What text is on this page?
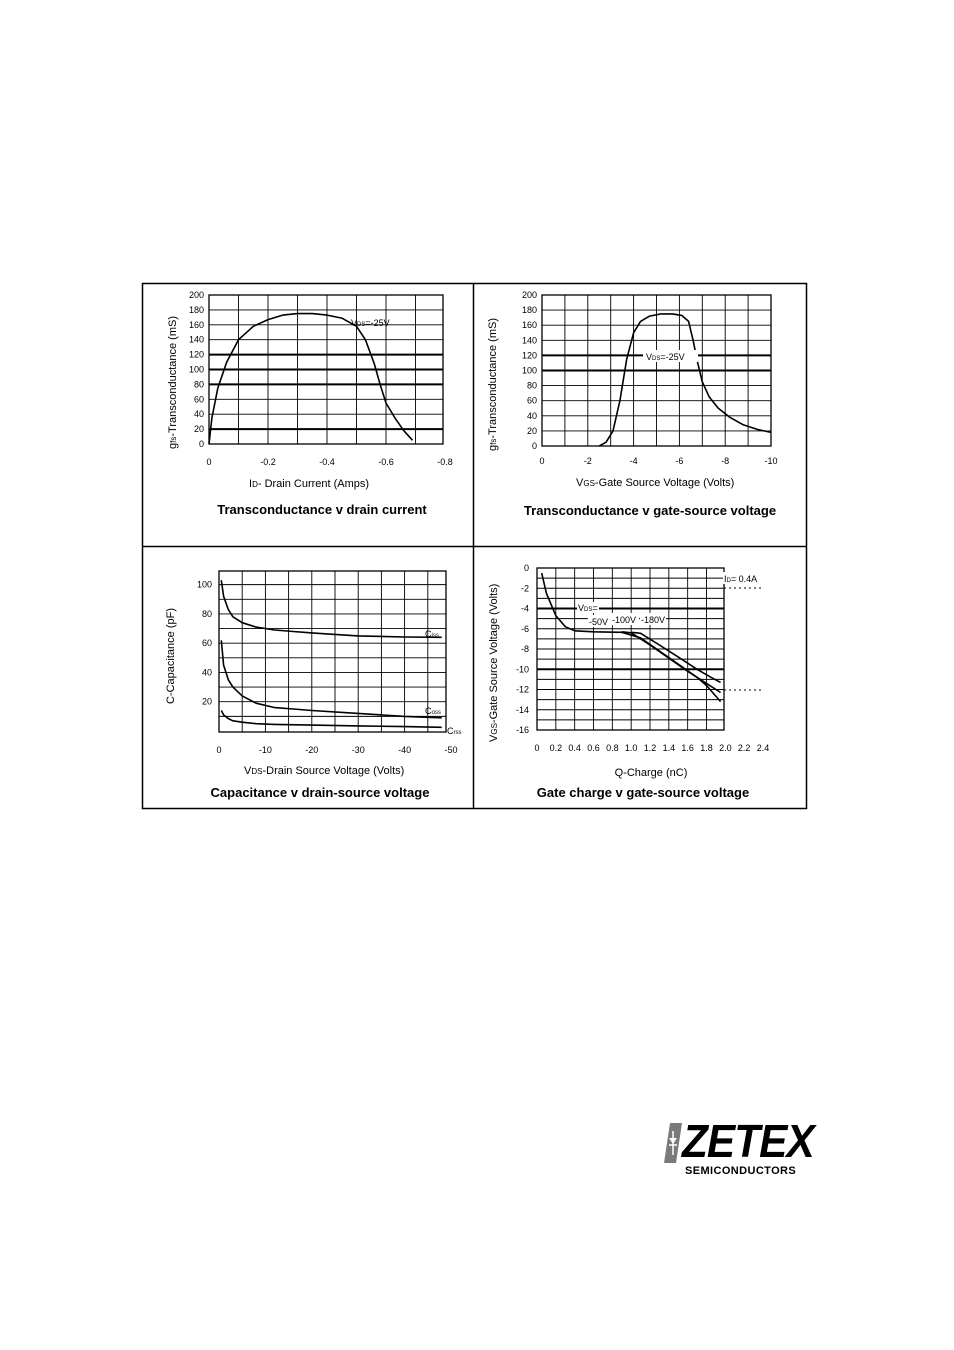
0	-0.2	-0.4	-0.6	-0.8
0
20
40
60
80
100
120
140
160
180
200
VDS=-25V
ID- Drain Current (Amps)
gfs-Transconductance (mS)
Transconductance v drain current
0	-2	-4	-6	-8	-10
0
20
40
60
80
100
120
140
160
180
200
VDS=-25V
VGS-Gate Source Voltage (Volts)
gfs-Transconductance (mS)
Transconductance v gate-source voltage
0	-10	-20	-30	-40	-50
20
40
60
80
100
Ciss
Coss
Crss
VDS-Drain Source Voltage (Volts)
C-Capacitance (pF)
Capacitance v drain-source voltage
0 0.2 0.4 0.6 0.8 1.0 1.2 1.4 1.6 1.8 2.0 2.2 2.4
0
-2
-4
-6
-8
-10
-12
-14
-16
ID= 0.4A
VDS=
-50V -100V -180V
Q-Charge (nC)
VGS-Gate Source Voltage (Volts)
Gate charge v gate-source voltage
ZETEX
SEMICONDUCTORS
